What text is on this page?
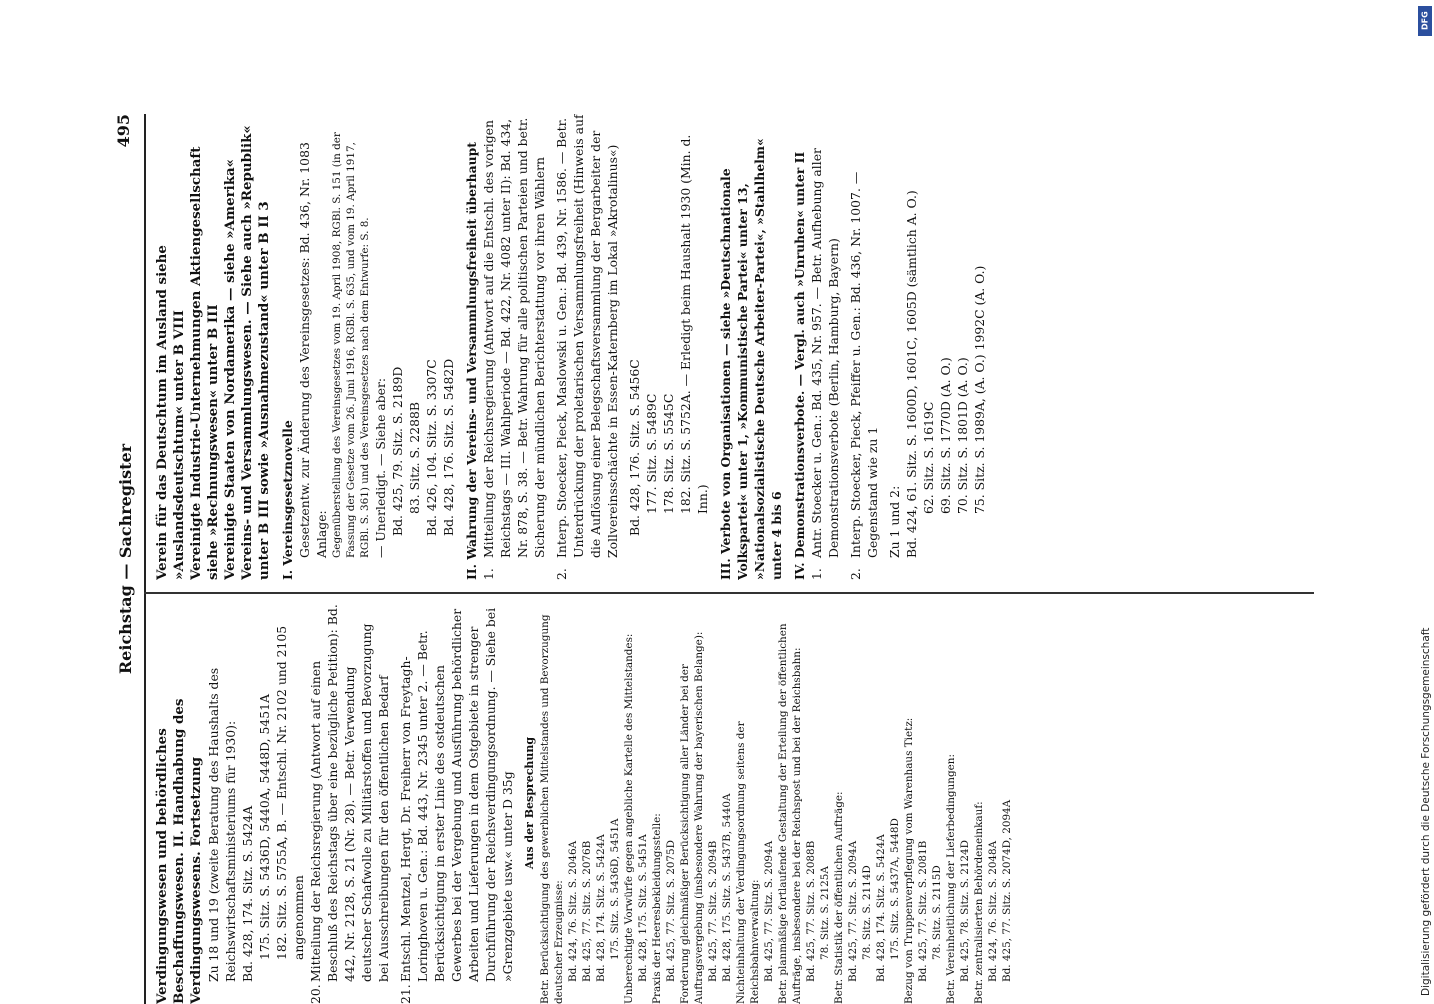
Reichstag — Sachregister
495
Verdingungswesen und behördliches Beschaffungswesen. II. Handhabung des Verdingungswesens. Fortsetzung Zu 18 und 19 (zweite Beratung des Haushalts des Reichswirtschaftsministeriums für 1930): Bd. 428, 174. Sitz. S. 5424A 175. Sitz. S. 5436D, 5440A, 5448D, 5451A 182. Sitz. S. 5755A, B. — Entschl. Nr. 2102 und 2105 angenommen
20.
Mitteilung der Reichsregierung (Antwort auf einen Beschluß des Reichstags über eine bezügliche Petition): Bd. 442, Nr. 2128, S. 21 (Nr. 28). — Betr. Verwendung deutscher Schafwolle zu Militärstoffen und Bevorzugung bei Ausschreibungen für den öffentlichen Bedarf
21.
Entschl. Mentzel, Hergt, Dr. Freiherr von Freytagh-Loringhoven u. Gen.: Bd. 443, Nr. 2345 unter 2. — Betr. Berücksichtigung in erster Linie des ostdeutschen Gewerbes bei der Vergebung und Ausführung behördlicher Arbeiten und Lieferungen in dem Ostgebiete in strenger Durchführung der Reichsverdingungsordnung. — Siehe bei »Grenzgebiete usw.« unter D 35g Aus der Besprechung Betr. Berücksichtigung des gewerblichen Mittelstandes und Bevorzugung deutscher Erzeugnisse: Bd. 424, 76. Sitz. S. 2046A Bd. 425, 77. Sitz. S. 2076B Bd. 428, 174. Sitz. S. 5424A 175. Sitz. S. 5436D, 5451A Unberechtigte Vorwürfe gegen angebliche Kartelle des Mittelstandes: Bd. 428, 175. Sitz. S. 5451A Praxis der Heeresbekleidungsstelle: Bd. 425, 77. Sitz. S. 2075D Forderung gleichmäßiger Berücksichtigung aller Länder bei der Auftragsvergebung (insbesondere Wahrung der bayerischen Belange): Bd. 425, 77. Sitz. S. 2094B Bd. 428, 175. Sitz. S. 5437B, 5440A Nichteinhaltung der Verdingungsordnung seitens der Reichsbahnverwaltung: Bd. 425, 77. Sitz. S. 2094A Betr. planmäßige fortlaufende Gestaltung der Erteilung der öffentlichen Aufträge, insbesondere bei der Reichspost und bei der Reichsbahn: Bd. 425, 77. Sitz. S. 2088B 78. Sitz. S. 2125A Betr. Statistik der öffentlichen Aufträge: Bd. 425, 77. Sitz. S. 2094A 78. Sitz. S. 2114D Bd. 428, 174. Sitz. S. 5424A 175. Sitz. S. 5437A, 5448D Bezug von Truppenverpflegung vom Warenhaus Tietz: Bd. 425, 77. Sitz. S. 2081B 78. Sitz. S. 2115D Betr. Vereinheitlichung der Lieferbedingungen: Bd. 425, 78. Sitz. S. 2124D Betr. zentralisierten Behördeneinkauf: Bd. 424, 76. Sitz. S. 2048A Bd. 425, 77. Sitz. S. 2074D, 2094A
Verein für das Deutschtum im Ausland siehe »Auslandsdeutschtum« unter B VIII Vereinigte Industrie-Unternehmungen Aktiengesellschaft siehe »Rechnungswesen« unter B III Vereinigte Staaten von Nordamerika — siehe »Amerika« Vereins- und Versammlungswesen. — Siehe auch »Republik« unter B III sowie »Ausnahmezustand« unter B II 3 I. Vereinsgesetznovelle Gesetzentw. zur Änderung des Vereinsgesetzes: Bd. 436, Nr. 1083 Anlage: Gegenüberstellung des Vereinsgesetzes vom 19. April 1908, RGBl. S. 151 (in der Fassung der Gesetze vom 26. Juni 1916, RGBl. S. 635, und vom 19. April 1917, RGBl. S. 361) und des Vereinsgesetzes nach dem Entwurfe: S. 8. — Unerledigt. — Siehe aber: Bd. 425, 79. Sitz. S. 2189D 83. Sitz. S. 2288B Bd. 426, 104. Sitz. S. 3307C Bd. 428, 176. Sitz. S. 5482D II. Wahrung der Vereins- und Versammlungsfreiheit überhaupt 1.
Mitteilung der Reichsregierung (Antwort auf die Entschl. des vorigen Reichstags — III. Wahlperiode — Bd. 422, Nr. 4082 unter II): Bd. 434, Nr. 878, S. 38. — Betr. Wahrung für alle politischen Parteien und betr. Sicherung der mündlichen Berichterstattung vor ihren Wählern
2.
Interp. Stoecker, Pieck, Maslowski u. Gen.: Bd. 439, Nr. 1586. — Betr. Unterdrückung der proletarischen Versammlungsfreiheit (Hinweis auf die Auflösung einer Belegschaftsversammlung der Bergarbeiter der Zollvereinsschächte in Essen-Katernberg im Lokal »Akrotalinus«) Bd. 428, 176. Sitz. S. 5456C 177. Sitz. S. 5489C 178. Sitz. S. 5545C 182. Sitz. S. 5752A. — Erledigt beim Haushalt 1930 (Min. d. Inn.) III. Verbote von Organisationen — siehe »Deutschnationale Volkspartei« unter 1, »Kommunistische Partei« unter 13, »Nationalsozialistische Deutsche Arbeiter-Partei«, »Stahlhelm« unter 4 bis 6 IV. Demonstrationsverbote. — Vergl. auch »Unruhen« unter II 1.
Antr. Stoecker u. Gen.: Bd. 435, Nr. 957. — Betr. Aufhebung aller Demonstrationsverbote (Berlin, Hamburg, Bayern)
2.
Interp. Stoecker, Pieck, Pfeiffer u. Gen.: Bd. 436, Nr. 1007. — Gegenstand wie zu 1 Zu 1 und 2: Bd. 424, 61. Sitz. S. 1600D, 1601C, 1605D (sämtlich A. O.) 62. Sitz. S. 1619C 69. Sitz. S. 1770D (A. O.) 70. Sitz. S. 1801D (A. O.) 75. Sitz. S. 1989A, (A. O.) 1992C (A. O.)
Digitalisierung gefördert durch die Deutsche Forschungsgemeinschaft
DFG
